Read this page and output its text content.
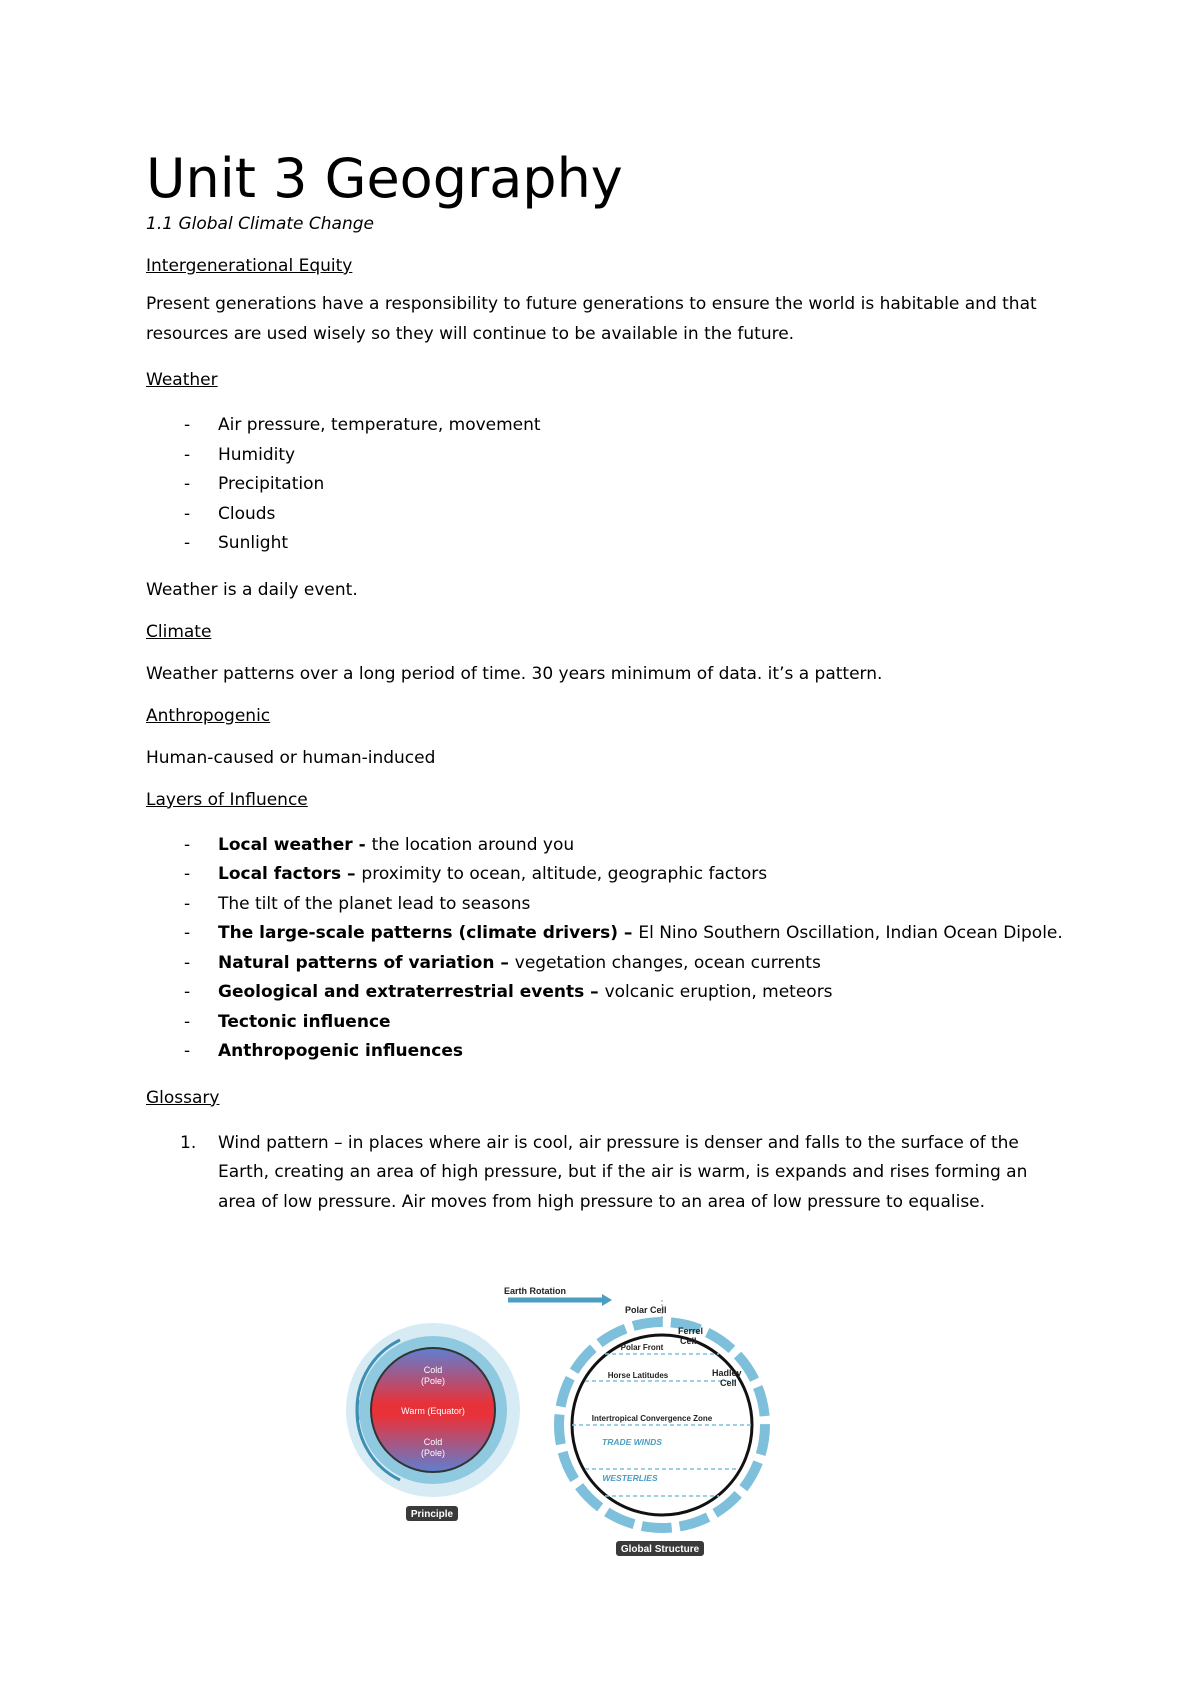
Unit 3 Geography

1.1 Global Climate Change

Intergenerational Equity

Present generations have a responsibility to future generations to ensure the world is habitable and that resources are used wisely so they will continue to be available in the future.

Weather

- Air pressure, temperature, movement
- Humidity
- Precipitation
- Clouds
- Sunlight

Weather is a daily event.

Climate

Weather patterns over a long period of time. 30 years minimum of data. it’s a pattern.

Anthropogenic

Human-caused or human-induced

Layers of Influence

- Local weather - the location around you
- Local factors – proximity to ocean, altitude, geographic factors
- The tilt of the planet lead to seasons
- The large-scale patterns (climate drivers) – El Nino Southern Oscillation, Indian Ocean Dipole.
- Natural patterns of variation – vegetation changes, ocean currents
- Geological and extraterrestrial events – volcanic eruption, meteors
- Tectonic influence
- Anthropogenic influences

Glossary

1. Wind pattern – in places where air is cool, air pressure is denser and falls to the surface of the Earth, creating an area of high pressure, but if the air is warm, is expands and rises forming an area of low pressure. Air moves from high pressure to an area of low pressure to equalise.
Cold
(Pole)
Warm (Equator)
Cold
(Pole)
Principle
Earth Rotation
Polar Cell
Ferrel
Cell
Hadley
Cell
Polar Front
Horse Latitudes
Intertropical Convergence Zone
TRADE WINDS
WESTERLIES
Global Structure
